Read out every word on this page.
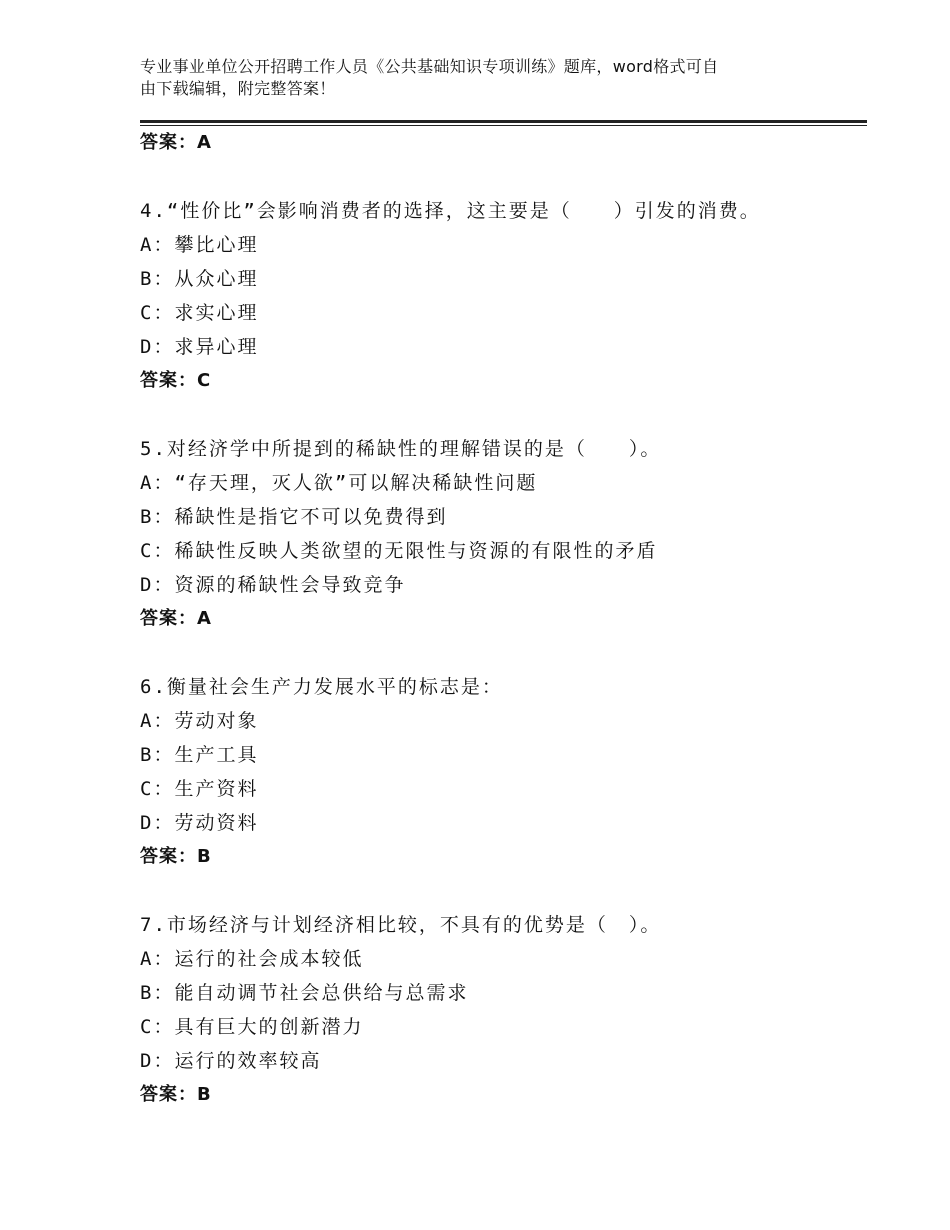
专业事业单位公开招聘工作人员《公共基础知识专项训练》题库，word格式可自
由下载编辑，附完整答案！
答案：A
4.“性价比”会影响消费者的选择，这主要是（　　）引发的消费。
A：攀比心理
B：从众心理
C：求实心理
D：求异心理
答案：C
5.对经济学中所提到的稀缺性的理解错误的是（　　）。
A：“存天理，灭人欲”可以解决稀缺性问题
B：稀缺性是指它不可以免费得到
C：稀缺性反映人类欲望的无限性与资源的有限性的矛盾
D：资源的稀缺性会导致竞争
答案：A
6.衡量社会生产力发展水平的标志是：
A：劳动对象
B：生产工具
C：生产资料
D：劳动资料
答案：B
7.市场经济与计划经济相比较，不具有的优势是（　）。
A：运行的社会成本较低
B：能自动调节社会总供给与总需求
C：具有巨大的创新潜力
D：运行的效率较高
答案：B
